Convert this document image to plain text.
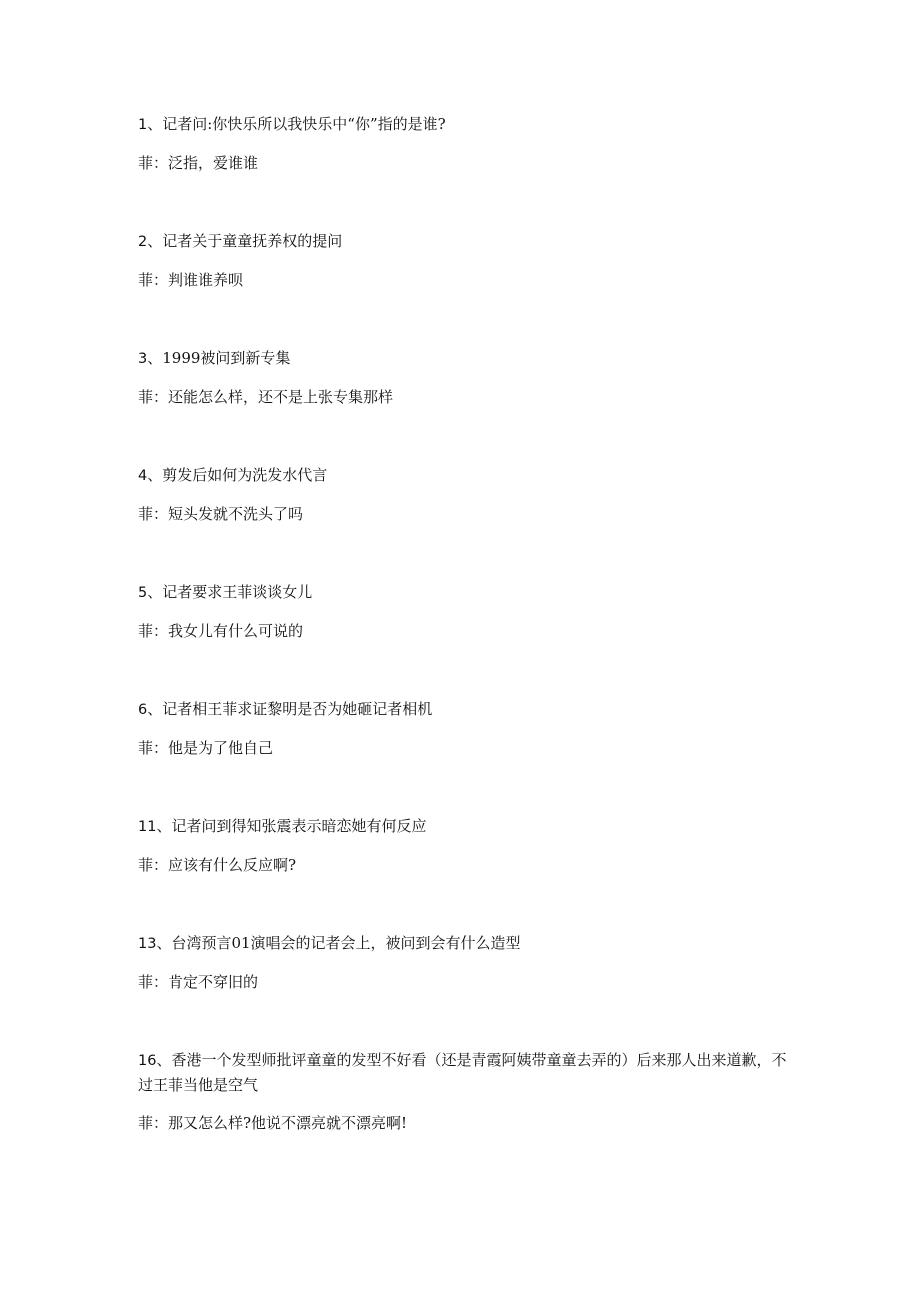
1、记者问:你快乐所以我快乐中“你”指的是谁?

菲：泛指，爱谁谁

2、记者关于童童抚养权的提问

菲：判谁谁养呗

3、1999被问到新专集

菲：还能怎么样，还不是上张专集那样

4、剪发后如何为洗发水代言

菲：短头发就不洗头了吗

5、记者要求王菲谈谈女儿

菲：我女儿有什么可说的

6、记者相王菲求证黎明是否为她砸记者相机

菲：他是为了他自己

11、记者问到得知张震表示暗恋她有何反应

菲：应该有什么反应啊?

13、台湾预言01演唱会的记者会上，被问到会有什么造型

菲：肯定不穿旧的

16、香港一个发型师批评童童的发型不好看（还是青霞阿姨带童童去弄的）后来那人出来道歉，不过王菲当他是空气

菲：那又怎么样?他说不漂亮就不漂亮啊!
